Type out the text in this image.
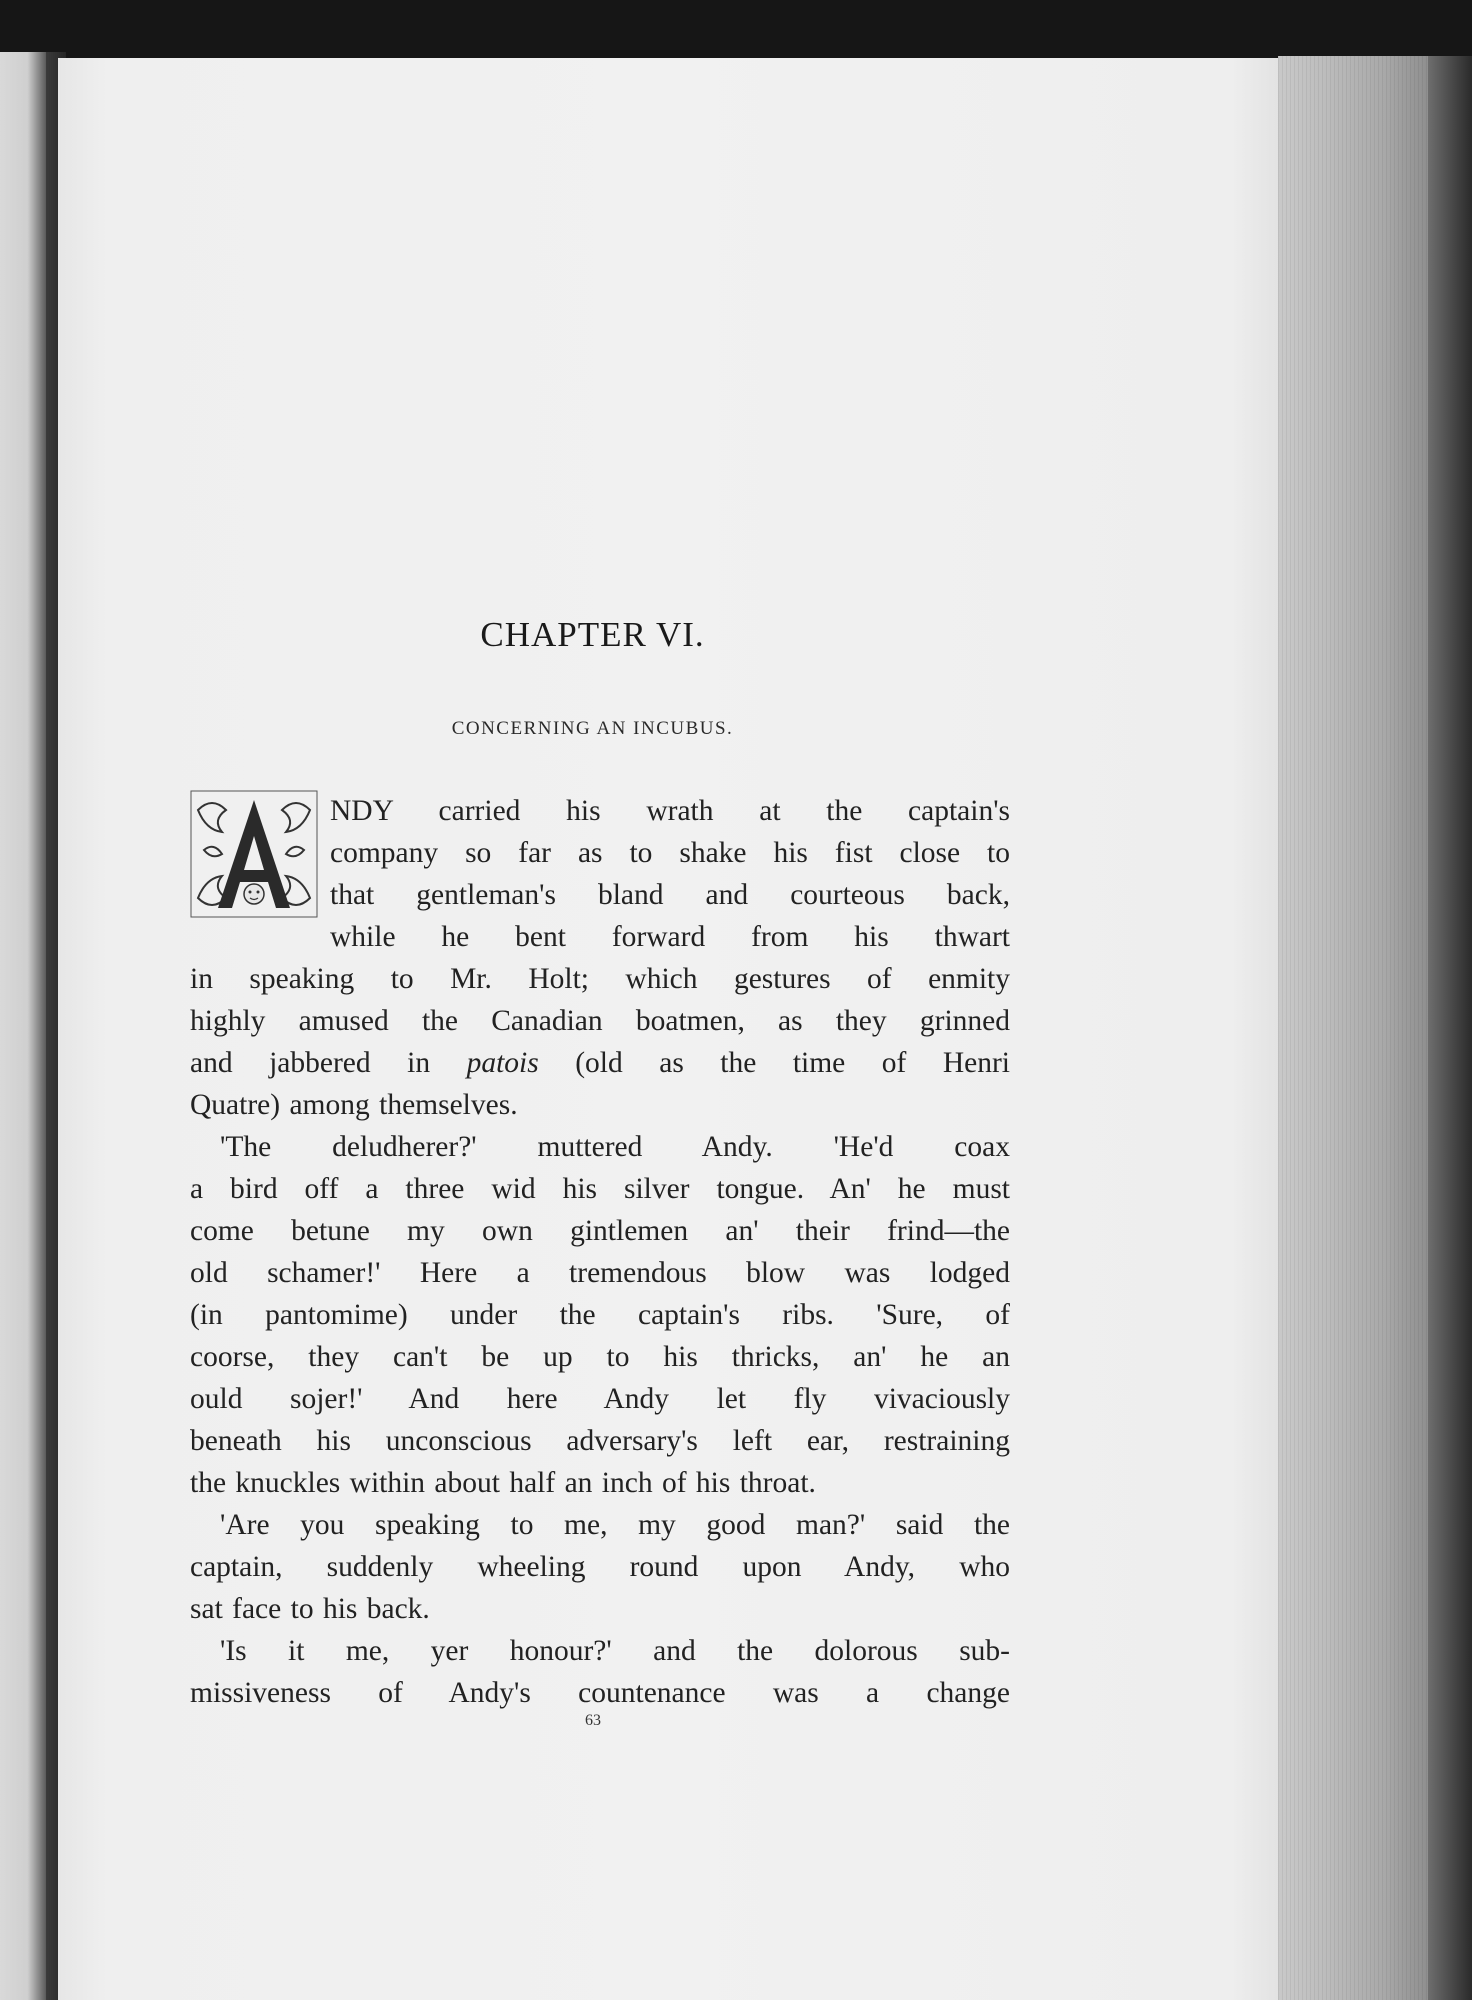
CHAPTER VI.
CONCERNING AN INCUBUS.

NDY carried his wrath at the captain's
company so far as to shake his fist close to
that gentleman's bland and courteous back,
while he bent forward from his thwart
in speaking to Mr. Holt; which gestures of enmity
highly amused the Canadian boatmen, as they grinned
and jabbered in patois (old as the time of Henri
Quatre) among themselves.

'The deludherer?' muttered Andy. 'He'd coax
a bird off a three wid his silver tongue. An' he must
come betune my own gintlemen an' their frind—the
old schamer!' Here a tremendous blow was lodged
(in pantomime) under the captain's ribs. 'Sure, of
coorse, they can't be up to his thricks, an' he an
ould sojer!' And here Andy let fly vivaciously
beneath his unconscious adversary's left ear, restraining
the knuckles within about half an inch of his throat.

'Are you speaking to me, my good man?' said the
captain, suddenly wheeling round upon Andy, who
sat face to his back.

'Is it me, yer honour?' and the dolorous sub-
missiveness of Andy's countenance was a change

63
